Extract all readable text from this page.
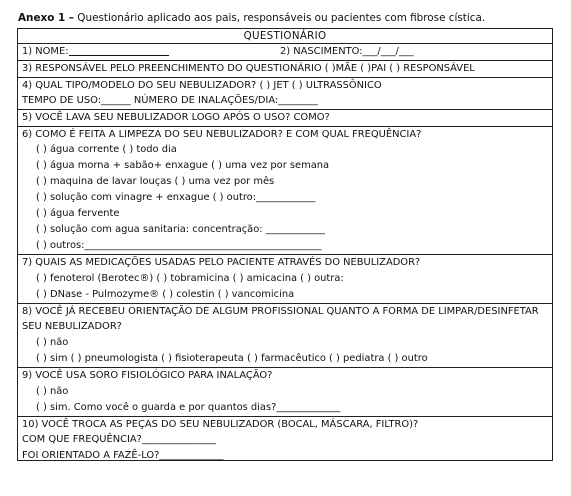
Anexo 1 – Questionário aplicado aos pais, responsáveis ou pacientes com fibrose cística.
QUESTIONÁRIO
1) NOME:	2) NASCIMENTO:___/___/___
3) RESPONSÁVEL PELO PREENCHIMENTO DO QUESTIONÁRIO ( )MÃE ( )PAI ( ) RESPONSÁVEL
4) QUAL TIPO/MODELO DO SEU NEBULIZADOR? ( ) JET ( ) ULTRASSÔNICO
TEMPO DE USO:______ NÚMERO DE INALAÇÕES/DIA:________
5) VOCÊ LAVA SEU NEBULIZADOR LOGO APÓS O USO? COMO?
6) COMO É FEITA A LIMPEZA DO SEU NEBULIZADOR? E COM QUAL FREQUÊNCIA?
( ) água corrente ( ) todo dia
( ) água morna + sabão+ enxague ( ) uma vez por semana
( ) maquina de lavar louças ( ) uma vez por mês
( ) solução com vinagre + enxague ( ) outro:____________
( ) água fervente
( ) solução com agua sanitaria: concentração: ____________
( ) outros:________________________________________________
7) QUAIS AS MEDICAÇÕES USADAS PELO PACIENTE ATRAVÉS DO NEBULIZADOR?
( ) fenoterol (Berotec®) ( ) tobramicina ( ) amicacina ( ) outra:
( ) DNase - Pulmozyme® ( ) colestin ( ) vancomicina
8) VOCÊ JÁ RECEBEU ORIENTAÇÃO DE ALGUM PROFISSIONAL QUANTO A FORMA DE LIMPAR/DESINFETAR
SEU NEBULIZADOR?
( ) não
( ) sim ( ) pneumologista ( ) fisioterapeuta ( ) farmacêutico ( ) pediatra ( ) outro
9) VOCÊ USA SORO FISIOLÓGICO PARA INALAÇÃO?
( ) não
( ) sim. Como você o guarda e por quantos dias?_____________
10) VOCÊ TROCA AS PEÇAS DO SEU NEBULIZADOR (BOCAL, MÁSCARA, FILTRO)?
COM QUE FREQUÊNCIA?_______________
FOI ORIENTADO A FAZÊ-LO?_____________
